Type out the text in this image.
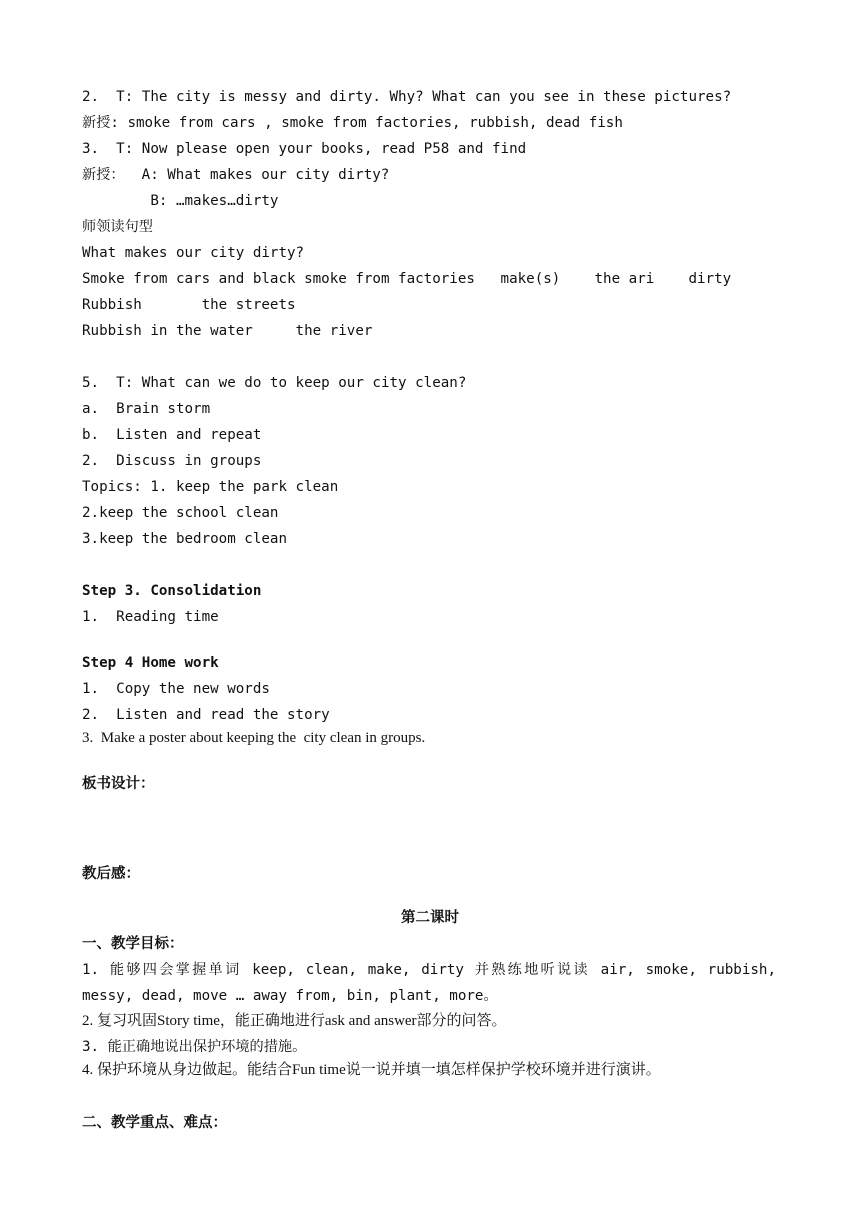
2.  T: The city is messy and dirty. Why? What can you see in these pictures?

新授: smoke from cars , smoke from factories, rubbish, dead fish

3.  T: Now please open your books, read P58 and find

新授：  A: What makes our city dirty?

B: …makes…dirty

师领读句型

What makes our city dirty?

Smoke from cars and black smoke from factories   make(s)    the ari    dirty

Rubbish       the streets

Rubbish in the water     the river

5.  T: What can we do to keep our city clean?

a.  Brain storm

b.  Listen and repeat

2.  Discuss in groups

Topics: 1. keep the park clean

2.keep the school clean

3.keep the bedroom clean

Step 3. Consolidation

1.  Reading time

Step 4 Home work

1.  Copy the new words

2.  Listen and read the story

3.  Make a poster about keeping the  city clean in groups.

板书设计：

教后感：

第二课时

一、教学目标：

1. 能够四会掌握单词 keep, clean, make, dirty 并熟练地听说读 air, smoke, rubbish,

messy, dead, move … away from, bin, plant, more。

2. 复习巩固Story time，能正确地进行ask and answer部分的问答。

3. 能正确地说出保护环境的措施。

4. 保护环境从身边做起。能结合Fun time说一说并填一填怎样保护学校环境并进行演讲。

二、教学重点、难点：
